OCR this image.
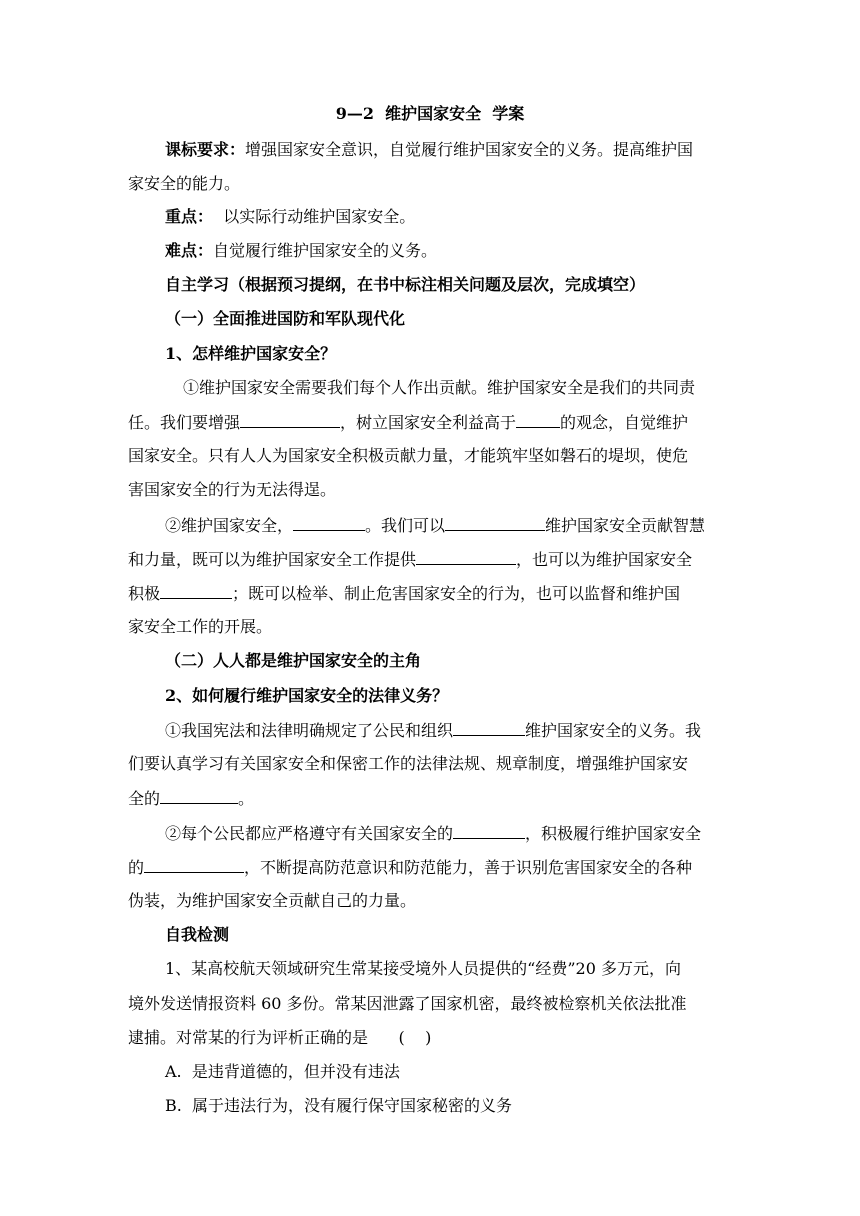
9—2  维护国家安全  学案
课标要求：增强国家安全意识，自觉履行维护国家安全的义务。提高维护国
家安全的能力。
重点： 以实际行动维护国家安全。
难点：自觉履行维护国家安全的义务。
自主学习（根据预习提纲，在书中标注相关问题及层次，完成填空）
（一）全面推进国防和军队现代化
1、怎样维护国家安全？
①维护国家安全需要我们每个人作出贡献。维护国家安全是我们的共同责
任。我们要增强	，树立国家安全利益高于	的观念，自觉维护
国家安全。只有人人为国家安全积极贡献力量，才能筑牢坚如磐石的堤坝，使危
害国家安全的行为无法得逞。
②维护国家安全，	。我们可以	维护国家安全贡献智慧
和力量，既可以为维护国家安全工作提供	，也可以为维护国家安全
积极	；既可以检举、制止危害国家安全的行为，也可以监督和维护国
家安全工作的开展。
（二）人人都是维护国家安全的主角
2、如何履行维护国家安全的法律义务？
①我国宪法和法律明确规定了公民和组织	维护国家安全的义务。我
们要认真学习有关国家安全和保密工作的法律法规、规章制度，增强维护国家安
全的	。
②每个公民都应严格遵守有关国家安全的	，积极履行维护国家安全
的	，不断提高防范意识和防范能力，善于识别危害国家安全的各种
伪装，为维护国家安全贡献自己的力量。
自我检测
1、某高校航天领域研究生常某接受境外人员提供的“经费”20 多万元，向
境外发送情报资料 60 多份。常某因泄露了国家机密，最终被检察机关依法批准
逮捕。对常某的行为评析正确的是      (    )
A. 是违背道德的，但并没有违法
B. 属于违法行为，没有履行保守国家秘密的义务
